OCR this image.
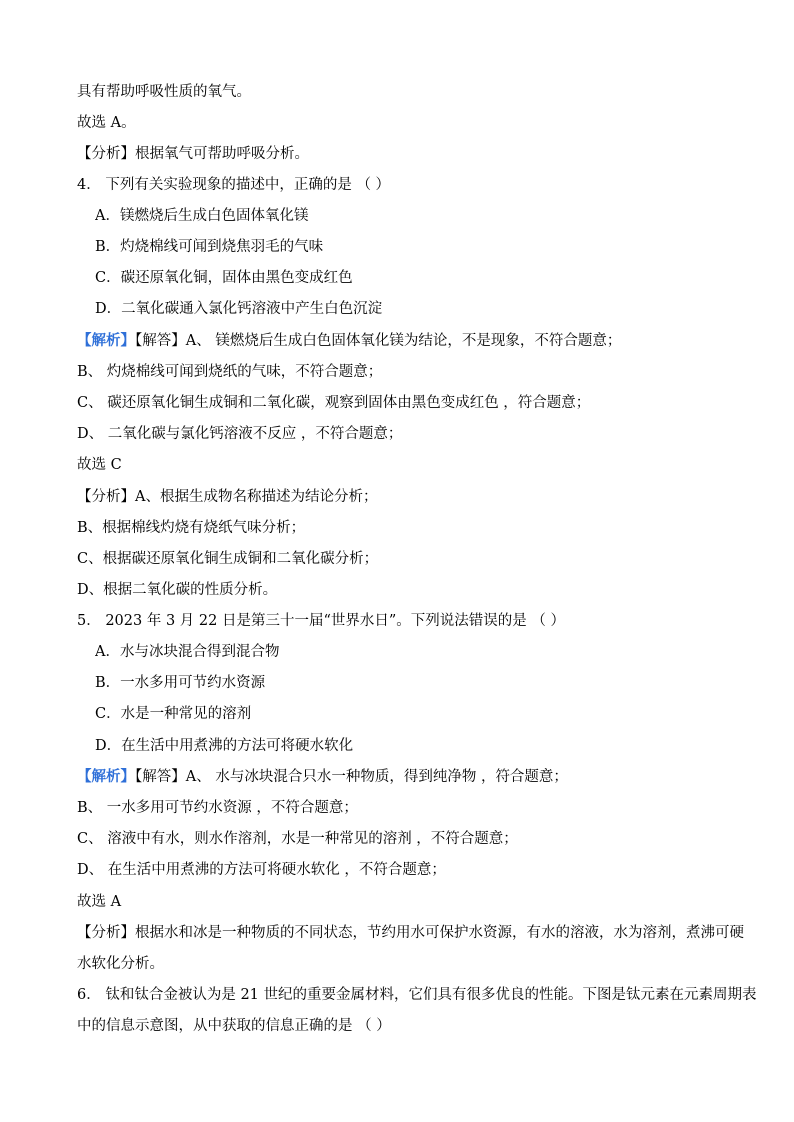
具有帮助呼吸性质的氧气。
故选 A。
【分析】根据氧气可帮助呼吸分析。
4． 下列有关实验现象的描述中，正确的是 （ ）
A．镁燃烧后生成白色固体氧化镁
B．灼烧棉线可闻到烧焦羽毛的气味
C．碳还原氧化铜，固体由黑色变成红色
D．二氧化碳通入氯化钙溶液中产生白色沉淀
【解析】【解答】A、 镁燃烧后生成白色固体氧化镁为结论，不是现象，不符合题意；
B、 灼烧棉线可闻到烧纸的气味，不符合题意；
C、 碳还原氧化铜生成铜和二氧化碳，观察到固体由黑色变成红色 ，符合题意；
D、 二氧化碳与氯化钙溶液不反应 ，不符合题意；
故选 C
【分析】A、根据生成物名称描述为结论分析；
B、根据棉线灼烧有烧纸气味分析；
C、根据碳还原氧化铜生成铜和二氧化碳分析；
D、根据二氧化碳的性质分析。
5． 2023 年 3 月 22 日是第三十一届“世界水日”。下列说法错误的是 （ ）
A．水与冰块混合得到混合物
B．一水多用可节约水资源
C．水是一种常见的溶剂
D．在生活中用煮沸的方法可将硬水软化
【解析】【解答】A、 水与冰块混合只水一种物质，得到纯净物 ，符合题意；
B、 一水多用可节约水资源 ，不符合题意；
C、 溶液中有水，则水作溶剂，水是一种常见的溶剂 ，不符合题意；
D、 在生活中用煮沸的方法可将硬水软化 ，不符合题意；
故选 A
【分析】根据水和冰是一种物质的不同状态，节约用水可保护水资源，有水的溶液，水为溶剂，煮沸可硬水软化分析。
6． 钛和钛合金被认为是 21 世纪的重要金属材料，它们具有很多优良的性能。下图是钛元素在元素周期表中的信息示意图，从中获取的信息正确的是 （ ）
